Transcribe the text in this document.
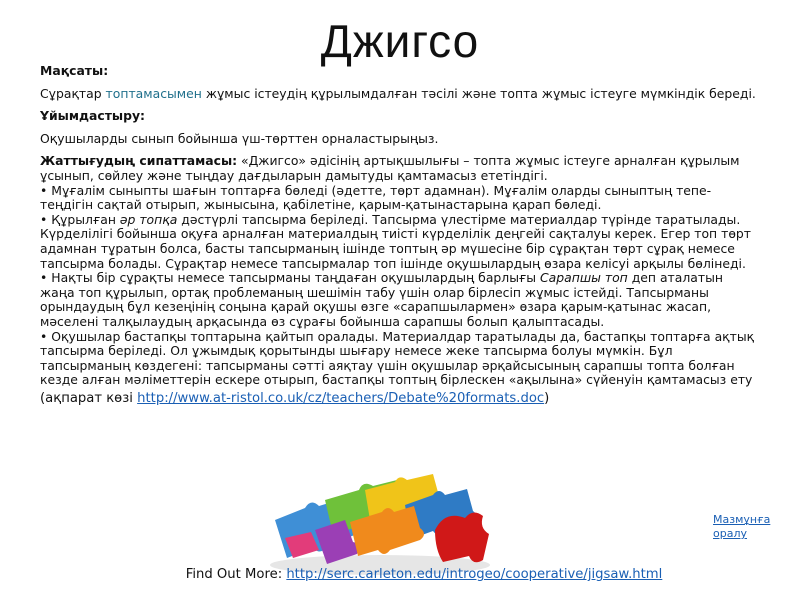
Джигсо

Мақсаты:

Сұрақтар топтамасымен жұмыс істеудің құрылымдалған тәсілі және топта жұмыс істеуге мүмкіндік береді.

Ұйымдастыру:

Оқушыларды сынып бойынша үш-төрттен орналастырыңыз.

Жаттығудың сипаттамасы: «Джигсо» әдісінің артықшылығы – топта жұмыс істеуге арналған құрылым ұсынып, сөйлеу және тыңдау дағдыларын дамытуды қамтамасыз ететіндігі.
• Мұғалім сыныпты шағын топтарға бөледі (әдетте, төрт адамнан). Мұғалім оларды сыныптың тепе-теңдігін сақтай отырып, жынысына, қабілетіне, қарым-қатынастарына қарап бөледі.
• Құрылған әр топқа дәстүрлі тапсырма беріледі. Тапсырма үлестірме материалдар түрінде таратылады. Күрделілігі бойынша оқуға арналған материалдың тиісті күрделілік деңгейі сақталуы керек. Егер топ төрт адамнан тұратын болса, басты тапсырманың ішінде топтың әр мүшесіне бір сұрақтан төрт сұрақ немесе тапсырма болады. Сұрақтар немесе тапсырмалар топ ішінде оқушылардың өзара келісуі арқылы бөлінеді.
• Нақты бір сұрақты немесе тапсырманы таңдаған оқушылардың барлығы Сарапшы топ деп аталатын жаңа топ құрылып, ортақ проблеманың шешімін табу үшін олар бірлесіп жұмыс істейді. Тапсырманы орындаудың бұл кезеңінің соңына қарай оқушы өзге «сарапшылармен» өзара қарым-қатынас жасап, мәселені талқылаудың арқасында өз сұрағы бойынша сарапшы болып қалыптасады.
• Оқушылар бастапқы топтарына қайтып оралады. Материалдар таратылады да, бастапқы топтарға ақтық тапсырма беріледі. Ол ұжымдық қорытынды шығару немесе жеке тапсырма болуы мүмкін. Бұл тапсырманың көздегені: тапсырманы сәтті аяқтау үшін оқушылар әрқайсысының сарапшы топта болған кезде алған мәліметтерін ескере отырып, бастапқы топтың бірлескен «ақылына» сүйенуін қамтамасыз ету
(ақпарат көзі http://www.at-ristol.co.uk/cz/teachers/Debate%20formats.doc)
Мазмұнға оралу
Find Out More: http://serc.carleton.edu/introgeo/cooperative/jigsaw.html
